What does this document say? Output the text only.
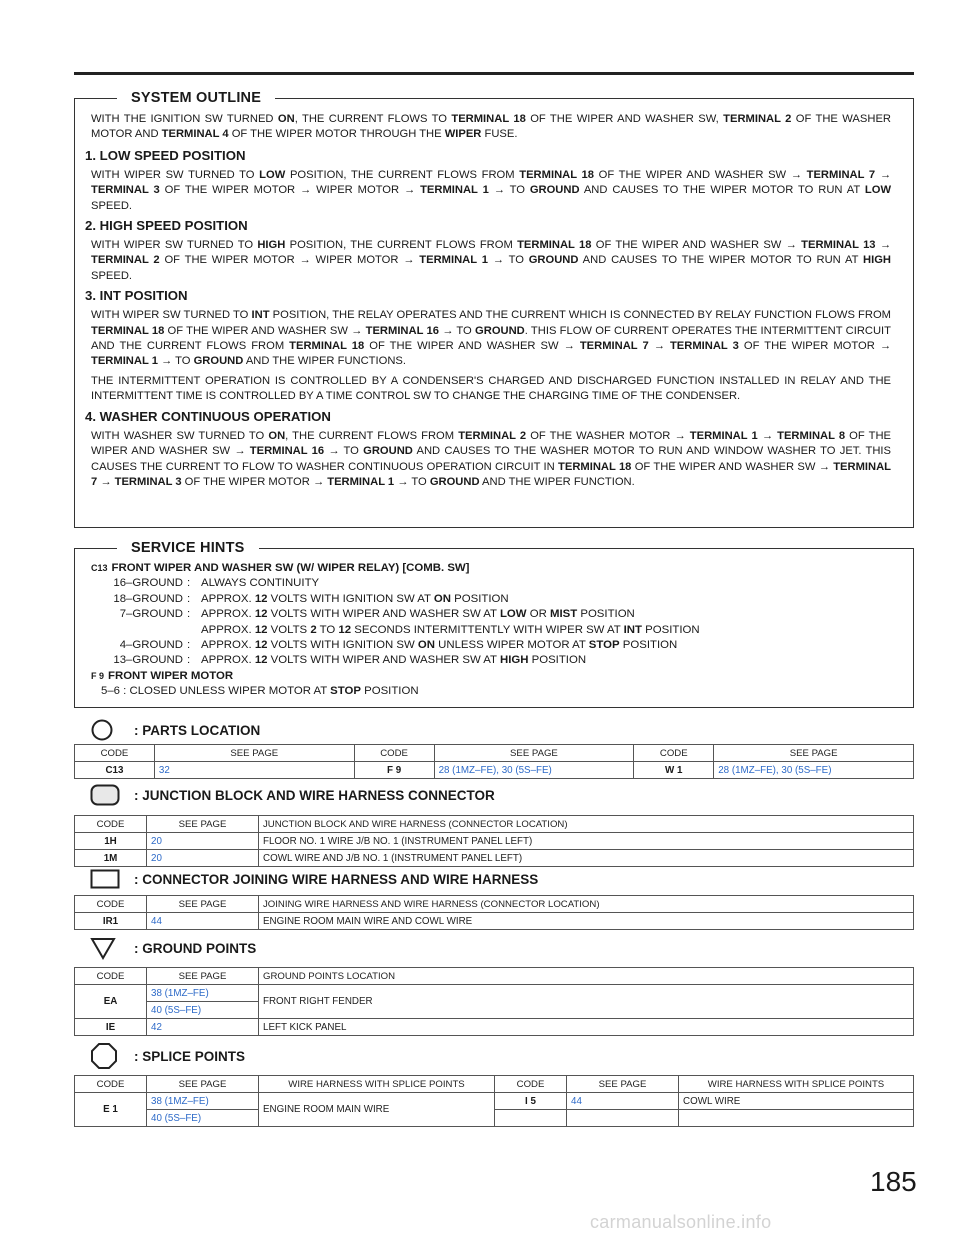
SYSTEM OUTLINE

WITH THE IGNITION SW TURNED ON, THE CURRENT FLOWS TO TERMINAL 18 OF THE WIPER AND WASHER SW, TERMINAL 2 OF THE WASHER MOTOR AND TERMINAL 4 OF THE WIPER MOTOR THROUGH THE WIPER FUSE.

1. LOW SPEED POSITION

WITH WIPER SW TURNED TO LOW POSITION, THE CURRENT FLOWS FROM TERMINAL 18 OF THE WIPER AND WASHER SW → TERMINAL 7 → TERMINAL 3 OF THE WIPER MOTOR → WIPER MOTOR → TERMINAL 1 → TO GROUND AND CAUSES TO THE WIPER MOTOR TO RUN AT LOW SPEED.

2. HIGH SPEED POSITION

WITH WIPER SW TURNED TO HIGH POSITION, THE CURRENT FLOWS FROM TERMINAL 18 OF THE WIPER AND WASHER SW → TERMINAL 13 → TERMINAL 2 OF THE WIPER MOTOR → WIPER MOTOR → TERMINAL 1 → TO GROUND AND CAUSES TO THE WIPER MOTOR TO RUN AT HIGH SPEED.

3. INT POSITION

WITH WIPER SW TURNED TO INT POSITION, THE RELAY OPERATES AND THE CURRENT WHICH IS CONNECTED BY RELAY FUNCTION FLOWS FROM TERMINAL 18 OF THE WIPER AND WASHER SW → TERMINAL 16 → TO GROUND. THIS FLOW OF CURRENT OPERATES THE INTERMITTENT CIRCUIT AND THE CURRENT FLOWS FROM TERMINAL 18 OF THE WIPER AND WASHER SW → TERMINAL 7 → TERMINAL 3 OF THE WIPER MOTOR → TERMINAL 1 → TO GROUND AND THE WIPER FUNCTIONS.

THE INTERMITTENT OPERATION IS CONTROLLED BY A CONDENSER'S CHARGED AND DISCHARGED FUNCTION INSTALLED IN RELAY AND THE INTERMITTENT TIME IS CONTROLLED BY A TIME CONTROL SW TO CHANGE THE CHARGING TIME OF THE CONDENSER.

4. WASHER CONTINUOUS OPERATION

WITH WASHER SW TURNED TO ON, THE CURRENT FLOWS FROM TERMINAL 2 OF THE WASHER MOTOR → TERMINAL 1 → TERMINAL 8 OF THE WIPER AND WASHER SW → TERMINAL 16 → TO GROUND AND CAUSES TO THE WASHER MOTOR TO RUN AND WINDOW WASHER TO JET. THIS CAUSES THE CURRENT TO FLOW TO WASHER CONTINUOUS OPERATION CIRCUIT IN TERMINAL 18 OF THE WIPER AND WASHER SW → TERMINAL 7 → TERMINAL 3 OF THE WIPER MOTOR → TERMINAL 1 → TO GROUND AND THE WIPER FUNCTION.

SERVICE HINTS
C13 FRONT WIPER AND WASHER SW (W/ WIPER RELAY) [COMB. SW]
16–GROUND : ALWAYS CONTINUITY
18–GROUND : APPROX. 12 VOLTS WITH IGNITION SW AT ON POSITION
7–GROUND : APPROX. 12 VOLTS WITH WIPER AND WASHER SW AT LOW OR MIST POSITION
APPROX. 12 VOLTS 2 TO 12 SECONDS INTERMITTENTLY WITH WIPER SW AT INT POSITION
4–GROUND : APPROX. 12 VOLTS WITH IGNITION SW ON UNLESS WIPER MOTOR AT STOP POSITION
13–GROUND : APPROX. 12 VOLTS WITH WIPER AND WASHER SW AT HIGH POSITION
F 9 FRONT WIPER MOTOR
5–6 : CLOSED UNLESS WIPER MOTOR AT STOP POSITION
: PARTS LOCATION
CODE	SEE PAGE	CODE	SEE PAGE	CODE	SEE PAGE
C13	32	F 9	28 (1MZ–FE), 30 (5S–FE)	W 1	28 (1MZ–FE), 30 (5S–FE)
: JUNCTION BLOCK AND WIRE HARNESS CONNECTOR
CODE	SEE PAGE	JUNCTION BLOCK AND WIRE HARNESS (CONNECTOR LOCATION)
1H	20	FLOOR NO. 1 WIRE J/B NO. 1 (INSTRUMENT PANEL LEFT)
1M	20	COWL WIRE AND J/B NO. 1 (INSTRUMENT PANEL LEFT)
: CONNECTOR JOINING WIRE HARNESS AND WIRE HARNESS
CODE	SEE PAGE	JOINING WIRE HARNESS AND WIRE HARNESS (CONNECTOR LOCATION)
IR1	44	ENGINE ROOM MAIN WIRE AND COWL WIRE
: GROUND POINTS
CODE	SEE PAGE	GROUND POINTS LOCATION
EA	38 (1MZ–FE)	FRONT RIGHT FENDER
	40 (5S–FE)	
IE	42	LEFT KICK PANEL
: SPLICE POINTS
CODE	SEE PAGE	WIRE HARNESS WITH SPLICE POINTS	CODE	SEE PAGE	WIRE HARNESS WITH SPLICE POINTS
E 1	38 (1MZ–FE)	ENGINE ROOM MAIN WIRE	I 5	44	COWL WIRE
	40 (5S–FE)				
185
carmanualsonline.info
